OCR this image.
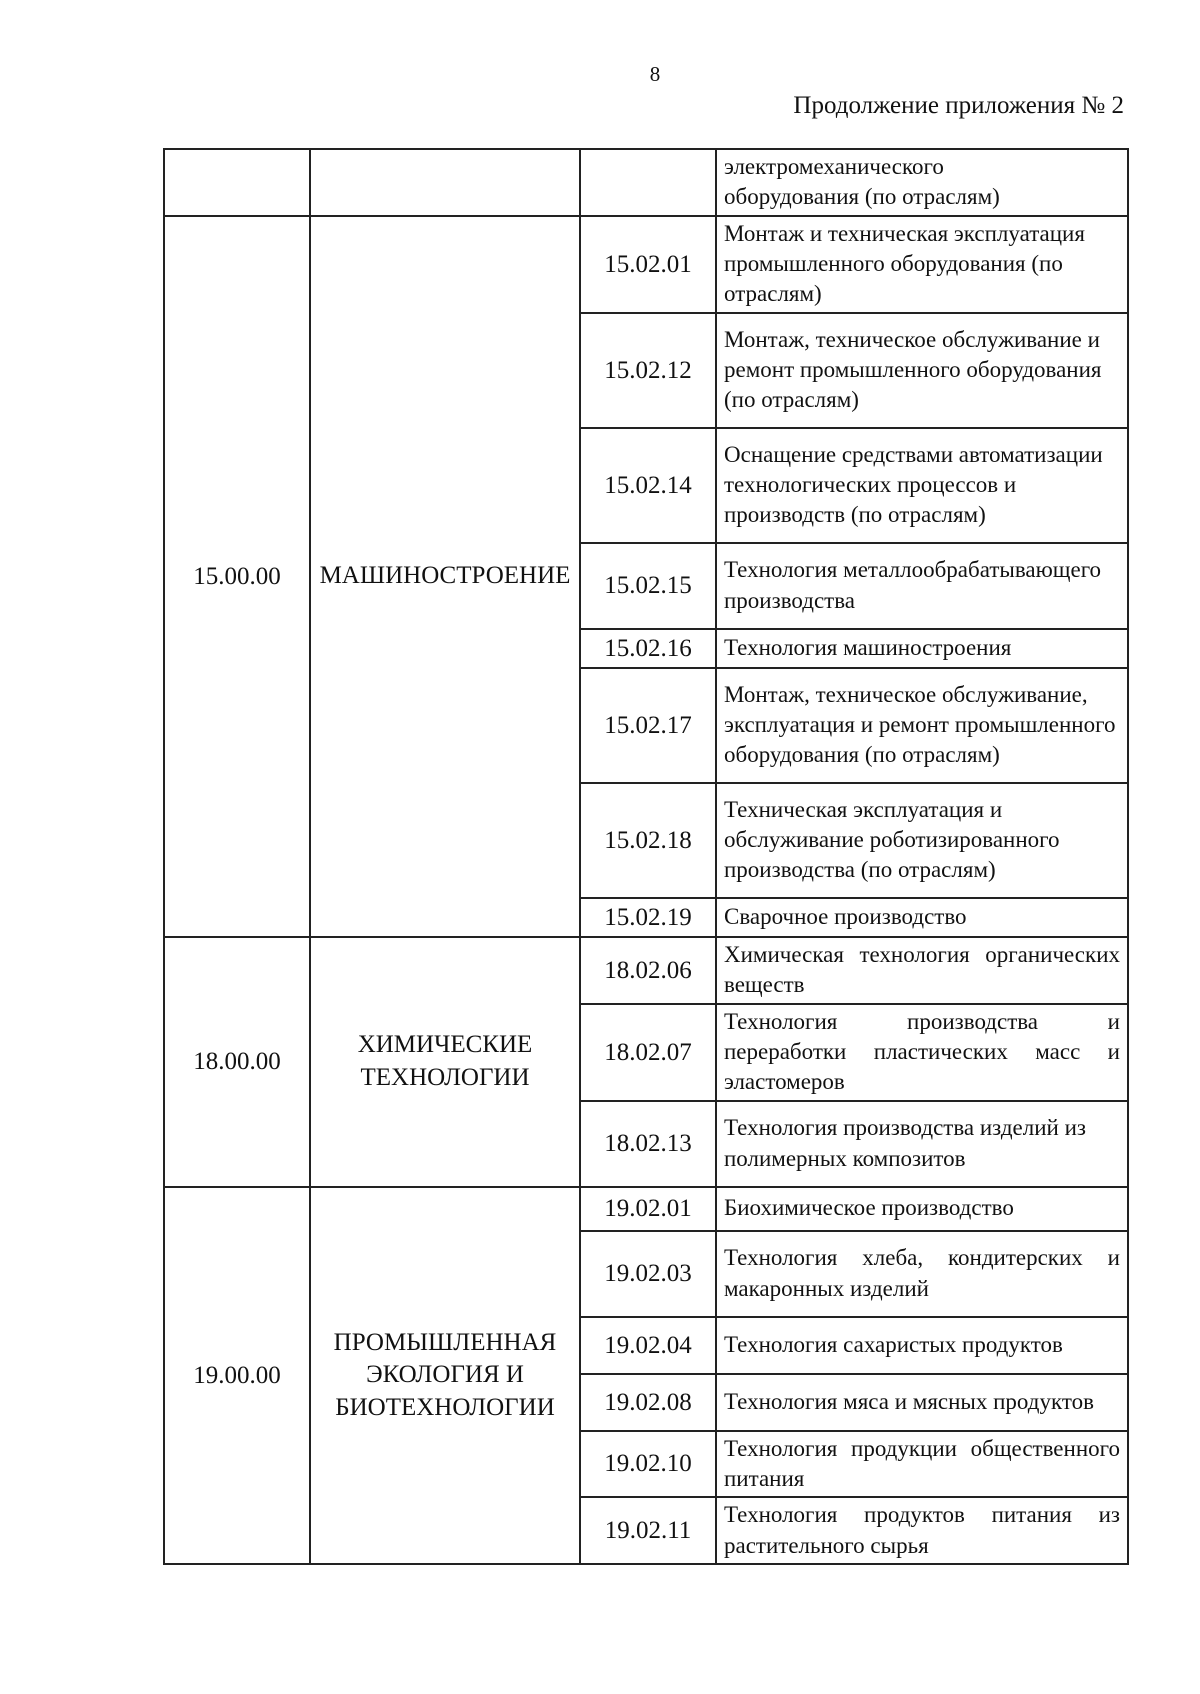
8
Продолжение приложения № 2

			электромеханического
оборудования (по отраслям)

15.00.00	МАШИНОСТРОЕНИЕ	15.02.01	Монтаж и техническая эксплуатация промышленного оборудования (по отраслям)
		15.02.12	Монтаж, техническое обслуживание и ремонт промышленного оборудования (по отраслям)
		15.02.14	Оснащение средствами автоматизации технологических процессов и производств (по отраслям)
		15.02.15	Технология металлообрабатывающего производства
		15.02.16	Технология машиностроения
		15.02.17	Монтаж, техническое обслуживание, эксплуатация и ремонт промышленного оборудования (по отраслям)
		15.02.18	Техническая эксплуатация и обслуживание роботизированного производства (по отраслям)
		15.02.19	Сварочное производство
18.00.00	ХИМИЧЕСКИЕ ТЕХНОЛОГИИ	18.02.06	Химическая технология органических веществ
		18.02.07	Технология производства и переработки пластических масс и эластомеров
		18.02.13	Технология производства изделий из полимерных композитов
19.00.00	ПРОМЫШЛЕННАЯ ЭКОЛОГИЯ И БИОТЕХНОЛОГИИ	19.02.01	Биохимическое производство
		19.02.03	Технология хлеба, кондитерских и макаронных изделий
		19.02.04	Технология сахаристых продуктов
		19.02.08	Технология мяса и мясных продуктов
		19.02.10	Технология продукции общественного питания
		19.02.11	Технология продуктов питания из растительного сырья
